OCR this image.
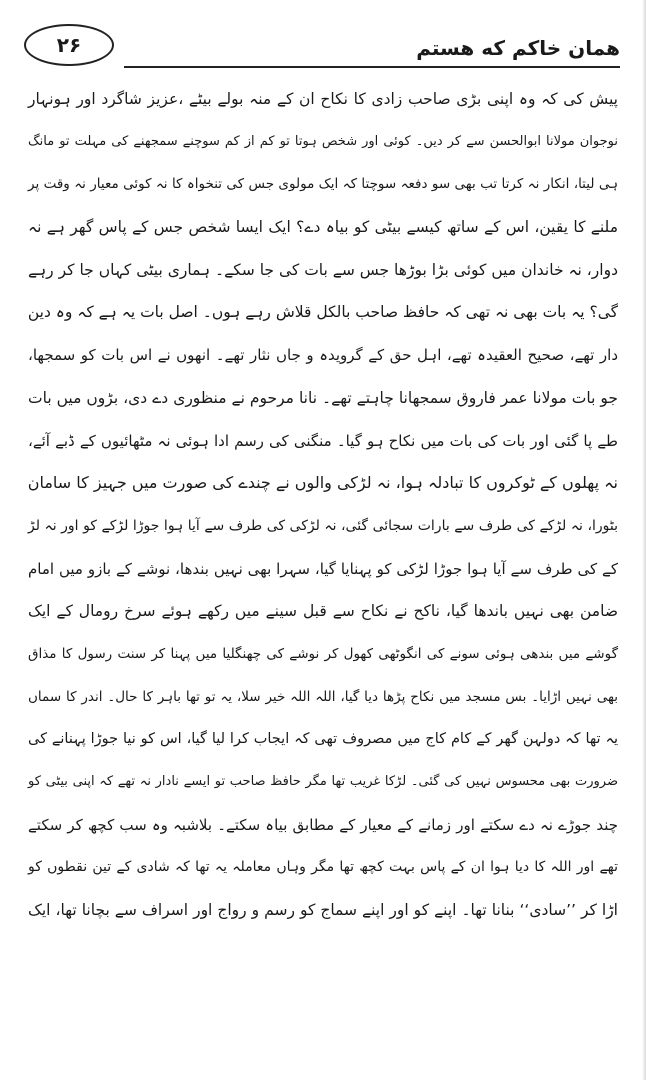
۲۶	همان خاکم که هستم
پیش کی کہ وہ اپنی بڑی صاحب زادی کا نکاح ان کے منہ بولے بیٹے ،عزیز شاگرد اور ہونہار
نوجوان مولانا ابوالحسن سے کر دیں۔ کوئی اور شخص ہوتا تو کم از کم سوچنے سمجھنے کی مہلت تو مانگ
ہی لیتا، انکار نہ کرتا تب بھی سو دفعہ سوچتا کہ ایک مولوی جس کی تنخواہ کا نہ کوئی معیار نہ وقت پر
ملنے کا یقین، اس کے ساتھ کیسے بیٹی کو بیاہ دے؟ ایک ایسا شخص جس کے پاس گھر ہے نہ
دوار، نہ خاندان میں کوئی بڑا بوڑھا جس سے بات کی جا سکے۔ ہماری بیٹی کہاں جا کر رہے
گی؟ یہ بات بھی نہ تھی کہ حافظ صاحب بالکل قلاش رہے ہوں۔ اصل بات یہ ہے کہ وہ دین
دار تھے، صحیح العقیدہ تھے، اہل حق کے گرویدہ و جاں نثار تھے۔ انھوں نے اس بات کو سمجھا،
جو بات مولانا عمر فاروق سمجھانا چاہتے تھے۔ نانا مرحوم نے منظوری دے دی، بڑوں میں بات
طے پا گئی اور بات کی بات میں نکاح ہو گیا۔ منگنی کی رسم ادا ہوئی نہ مٹھائیوں کے ڈبے آئے،
نہ پھلوں کے ٹوکروں کا تبادلہ ہوا، نہ لڑکی والوں نے چندے کی صورت میں جہیز کا سامان
بٹورا، نہ لڑکے کی طرف سے بارات سجائی گئی، نہ لڑکی کی طرف سے آیا ہوا جوڑا لڑکے کو اور نہ لڑ
کے کی طرف سے آیا ہوا جوڑا لڑکی کو پہنایا گیا، سہرا بھی نہیں بندھا، نوشے کے بازو میں امام
ضامن بھی نہیں باندھا گیا، ناکح نے نکاح سے قبل سینے میں رکھے ہوئے سرخ رومال کے ایک
گوشے میں بندھی ہوئی سونے کی انگوٹھی کھول کر نوشے کی چھنگلیا میں پہنا کر سنت رسول کا مذاق
بھی نہیں اڑایا۔ بس مسجد میں نکاح پڑھا دیا گیا، اللہ اللہ خیر سلا، یہ تو تھا باہر کا حال۔ اندر کا سماں
یہ تھا کہ دولہن گھر کے کام کاج میں مصروف تھی کہ ایجاب کرا لیا گیا، اس کو نیا جوڑا پہنانے کی
ضرورت بھی محسوس نہیں کی گئی۔ لڑکا غریب تھا مگر حافظ صاحب تو ایسے نادار نہ تھے کہ اپنی بیٹی کو
چند جوڑے نہ دے سکتے اور زمانے کے معیار کے مطابق بیاہ سکتے۔ بلاشبہ وہ سب کچھ کر سکتے
تھے اور اللہ کا دیا ہوا ان کے پاس بہت کچھ تھا مگر وہاں معاملہ یہ تھا کہ شادی کے تین نقطوں کو
اڑا کر ’’سادی‘‘ بنانا تھا۔ اپنے کو اور اپنے سماج کو رسم و رواج اور اسراف سے بچانا تھا، ایک
